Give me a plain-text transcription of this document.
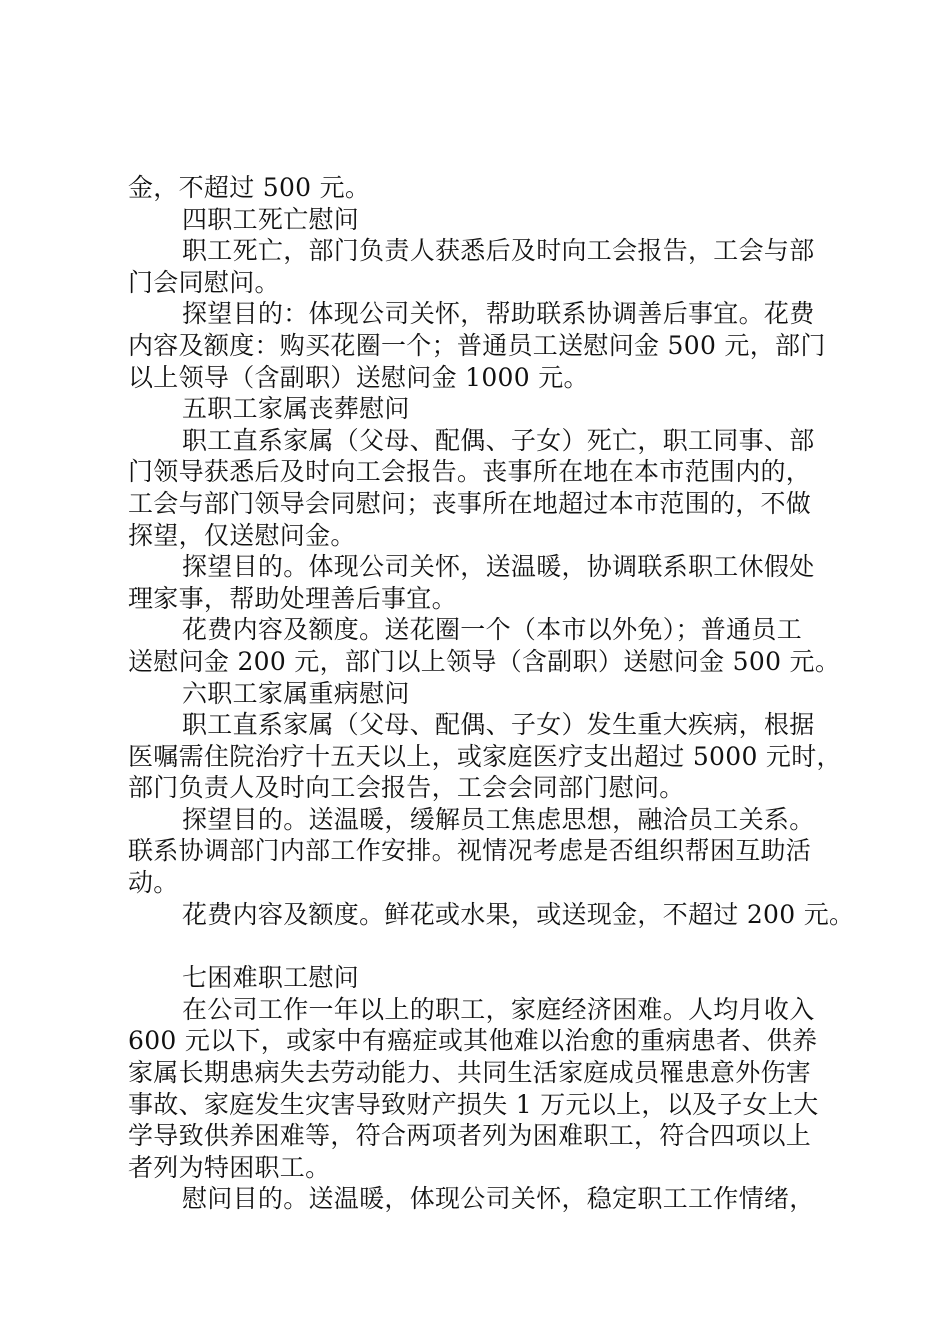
金，不超过 500 元。
四职工死亡慰问
职工死亡，部门负责人获悉后及时向工会报告，工会与部
门会同慰问。
探望目的：体现公司关怀，帮助联系协调善后事宜。花费
内容及额度：购买花圈一个；普通员工送慰问金 500 元，部门
以上领导（含副职）送慰问金 1000 元。
五职工家属丧葬慰问
职工直系家属（父母、配偶、子女）死亡，职工同事、部
门领导获悉后及时向工会报告。丧事所在地在本市范围内的，
工会与部门领导会同慰问；丧事所在地超过本市范围的，不做
探望，仅送慰问金。
探望目的。体现公司关怀，送温暖，协调联系职工休假处
理家事，帮助处理善后事宜。
花费内容及额度。送花圈一个（本市以外免）；普通员工
送慰问金 200 元，部门以上领导（含副职）送慰问金 500 元。
六职工家属重病慰问
职工直系家属（父母、配偶、子女）发生重大疾病，根据
医嘱需住院治疗十五天以上，或家庭医疗支出超过 5000 元时，
部门负责人及时向工会报告，工会会同部门慰问。
探望目的。送温暖，缓解员工焦虑思想，融洽员工关系。
联系协调部门内部工作安排。视情况考虑是否组织帮困互助活
动。
花费内容及额度。鲜花或水果，或送现金，不超过 200 元。
七困难职工慰问
在公司工作一年以上的职工，家庭经济困难。人均月收入
600 元以下，或家中有癌症或其他难以治愈的重病患者、供养
家属长期患病失去劳动能力、共同生活家庭成员罹患意外伤害
事故、家庭发生灾害导致财产损失 1 万元以上，以及子女上大
学导致供养困难等，符合两项者列为困难职工，符合四项以上
者列为特困职工。
慰问目的。送温暖，体现公司关怀，稳定职工工作情绪，
